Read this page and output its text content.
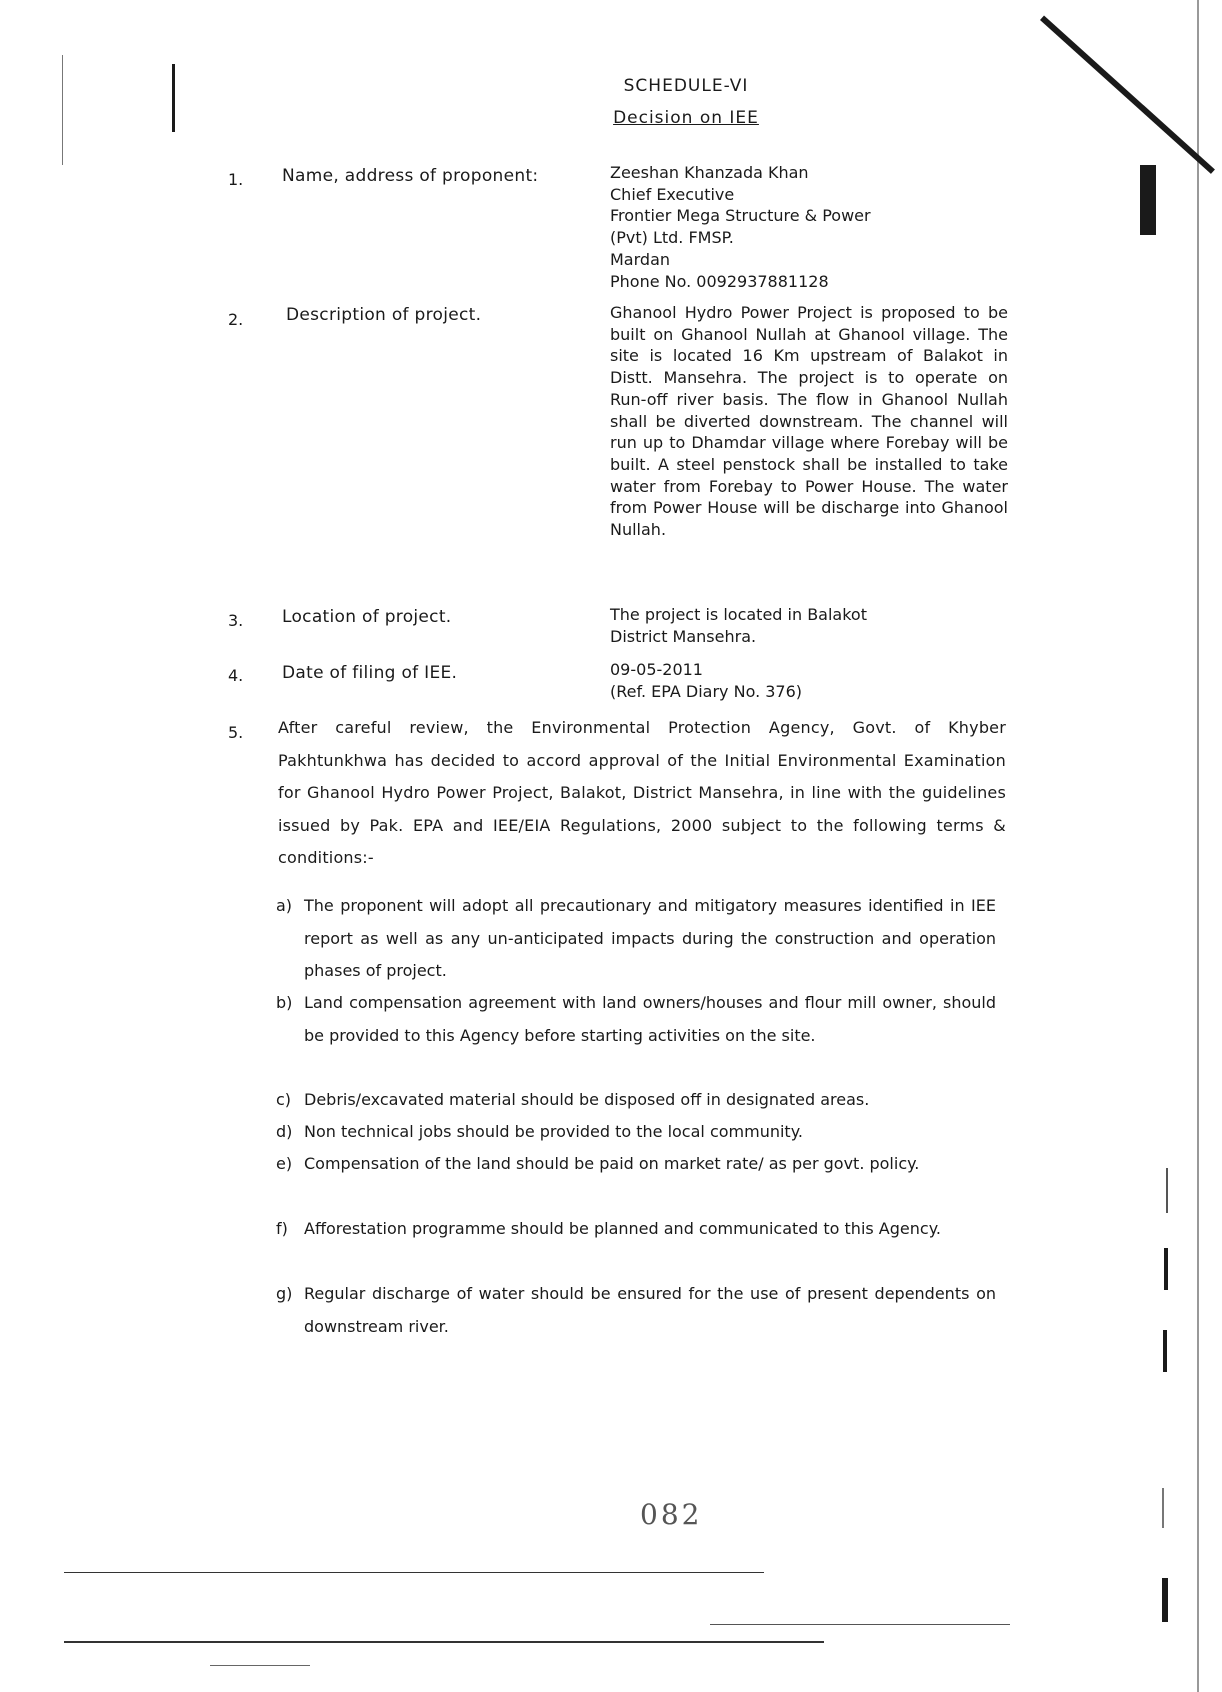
SCHEDULE-VI
Decision on IEE
1. Name, address of proponent:	Zeeshan Khanzada Khan
Chief Executive
Frontier Mega Structure & Power
(Pvt) Ltd. FMSP.
Mardan
Phone No. 0092937881128
2.	Description of project.	Ghanool Hydro Power Project is proposed to be built on Ghanool Nullah at Ghanool village. The site is located 16 Km upstream of Balakot in Distt. Mansehra. The project is to operate on Run-off river basis. The flow in Ghanool Nullah shall be diverted downstream. The channel will run up to Dhamdar village where Forebay will be built. A steel penstock shall be installed to take water from Forebay to Power House. The water from Power House will be discharge into Ghanool Nullah.
3. Location of project.	The project is located in Balakot
District Mansehra.
4. Date of filing of IEE.	09-05-2011
(Ref. EPA Diary No. 376)
5. After careful review, the Environmental Protection Agency, Govt. of Khyber Pakhtunkhwa has decided to accord approval of the Initial Environmental Examination for Ghanool Hydro Power Project, Balakot, District Mansehra, in line with the guidelines issued by Pak. EPA and IEE/EIA Regulations, 2000 subject to the following terms & conditions:-
a) The proponent will adopt all precautionary and mitigatory measures identified in IEE report as well as any un-anticipated impacts during the construction and operation phases of project.
b) Land compensation agreement with land owners/houses and flour mill owner, should be provided to this Agency before starting activities on the site.
c) Debris/excavated material should be disposed off in designated areas.
d) Non technical jobs should be provided to the local community.
e) Compensation of the land should be paid on market rate/ as per govt. policy.
f)	Afforestation programme should be planned and communicated to this Agency.
g) Regular discharge of water should be ensured for the use of present dependents on downstream river.
082
